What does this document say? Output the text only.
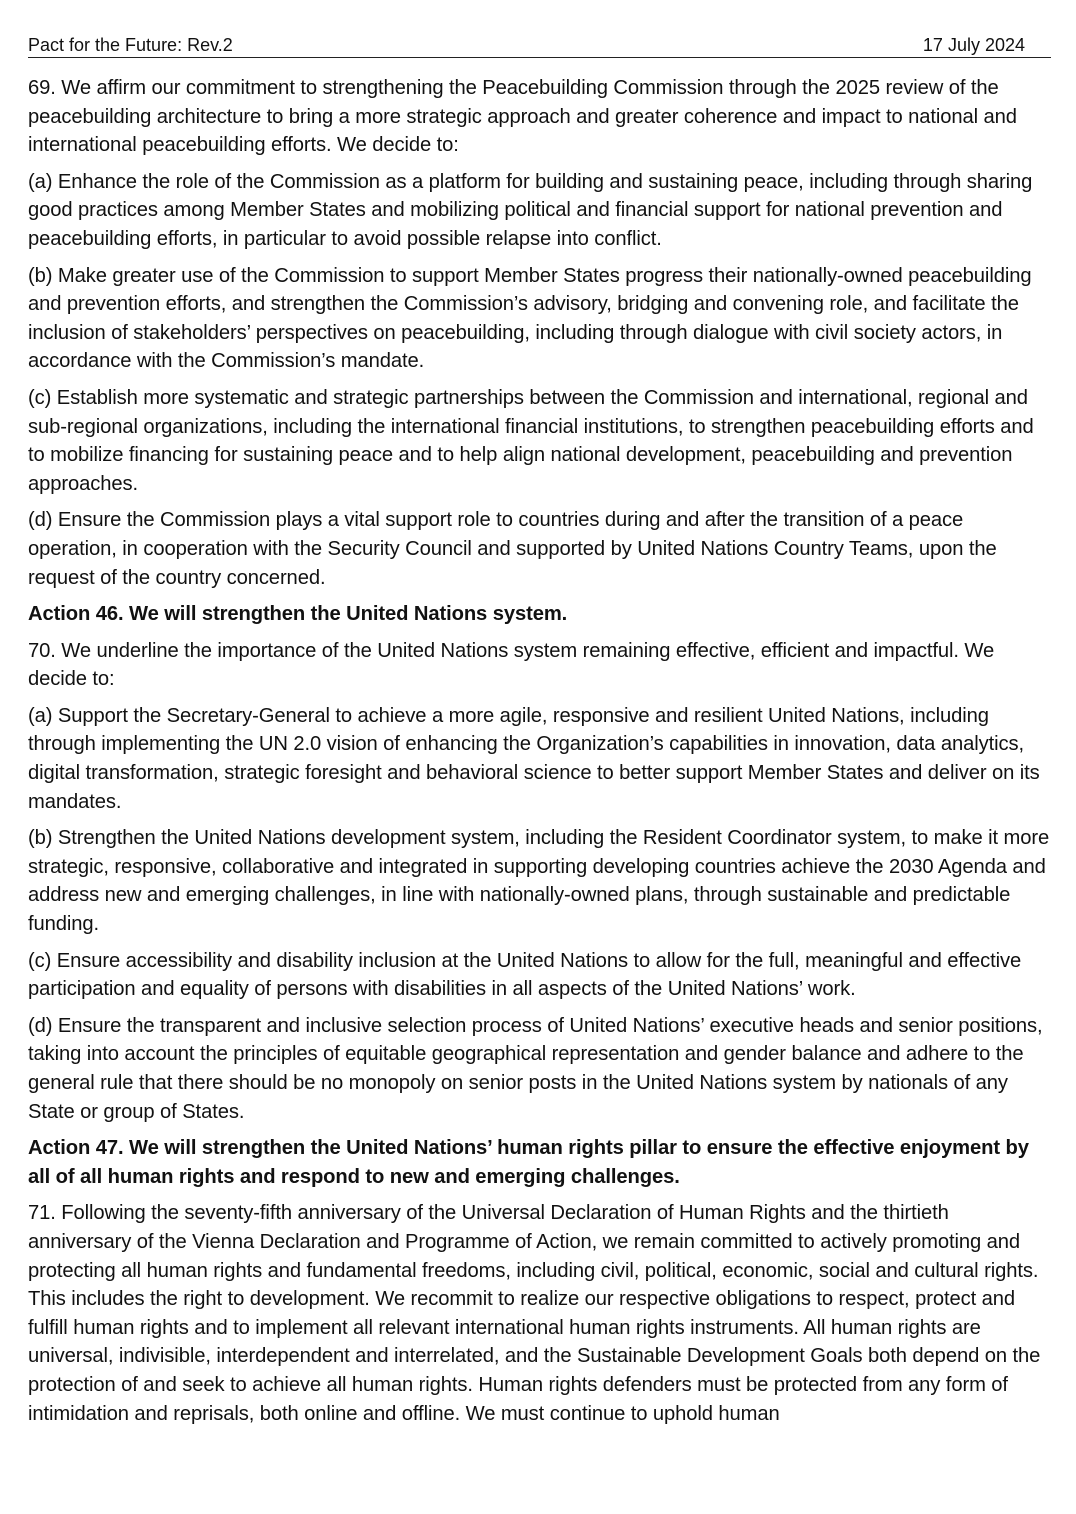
Pact for the Future: Rev.2	17 July 2024

69. We affirm our commitment to strengthening the Peacebuilding Commission through the 2025 review of the peacebuilding architecture to bring a more strategic approach and greater coherence and impact to national and international peacebuilding efforts. We decide to:

(a) Enhance the role of the Commission as a platform for building and sustaining peace, including through sharing good practices among Member States and mobilizing political and financial support for national prevention and peacebuilding efforts, in particular to avoid possible relapse into conflict.

(b) Make greater use of the Commission to support Member States progress their nationally-owned peacebuilding and prevention efforts, and strengthen the Commission’s advisory, bridging and convening role, and facilitate the inclusion of stakeholders’ perspectives on peacebuilding, including through dialogue with civil society actors, in accordance with the Commission’s mandate.

(c) Establish more systematic and strategic partnerships between the Commission and international, regional and sub-regional organizations, including the international financial institutions, to strengthen peacebuilding efforts and to mobilize financing for sustaining peace and to help align national development, peacebuilding and prevention approaches.

(d) Ensure the Commission plays a vital support role to countries during and after the transition of a peace operation, in cooperation with the Security Council and supported by United Nations Country Teams, upon the request of the country concerned.

Action 46. We will strengthen the United Nations system.

70. We underline the importance of the United Nations system remaining effective, efficient and impactful. We decide to:

(a) Support the Secretary-General to achieve a more agile, responsive and resilient United Nations, including through implementing the UN 2.0 vision of enhancing the Organization’s capabilities in innovation, data analytics, digital transformation, strategic foresight and behavioral science to better support Member States and deliver on its mandates.

(b) Strengthen the United Nations development system, including the Resident Coordinator system, to make it more strategic, responsive, collaborative and integrated in supporting developing countries achieve the 2030 Agenda and address new and emerging challenges, in line with nationally-owned plans, through sustainable and predictable funding.

(c) Ensure accessibility and disability inclusion at the United Nations to allow for the full, meaningful and effective participation and equality of persons with disabilities in all aspects of the United Nations’ work.

(d) Ensure the transparent and inclusive selection process of United Nations’ executive heads and senior positions, taking into account the principles of equitable geographical representation and gender balance and adhere to the general rule that there should be no monopoly on senior posts in the United Nations system by nationals of any State or group of States.

Action 47. We will strengthen the United Nations’ human rights pillar to ensure the effective enjoyment by all of all human rights and respond to new and emerging challenges.

71. Following the seventy-fifth anniversary of the Universal Declaration of Human Rights and the thirtieth anniversary of the Vienna Declaration and Programme of Action, we remain committed to actively promoting and protecting all human rights and fundamental freedoms, including civil, political, economic, social and cultural rights. This includes the right to development. We recommit to realize our respective obligations to respect, protect and fulfill human rights and to implement all relevant international human rights instruments. All human rights are universal, indivisible, interdependent and interrelated, and the Sustainable Development Goals both depend on the protection of and seek to achieve all human rights. Human rights defenders must be protected from any form of intimidation and reprisals, both online and offline. We must continue to uphold human
